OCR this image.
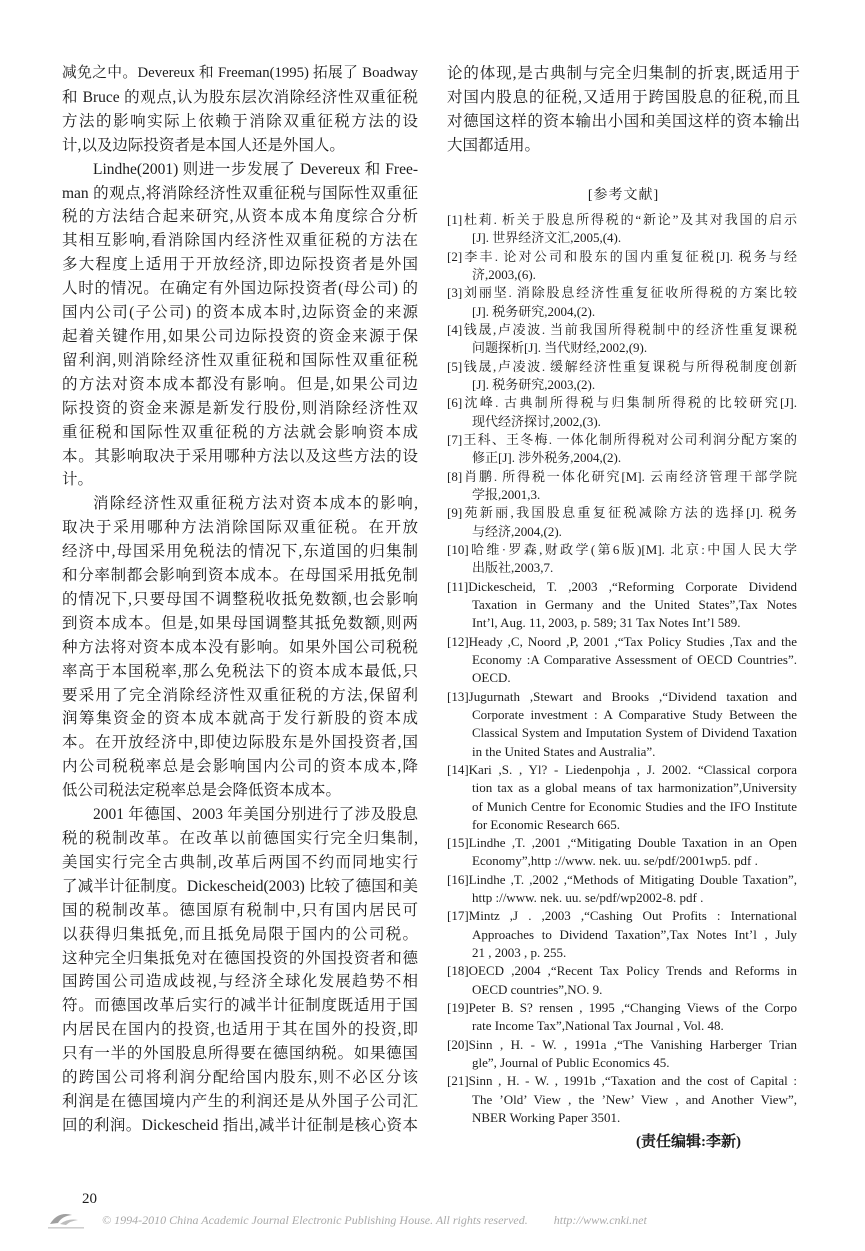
减免之中。Devereux 和 Freeman(1995) 拓展了 Boadway
和 Bruce 的观点,认为股东层次消除经济性双重征税
方法的影响实际上依赖于消除双重征税方法的设
计,以及边际投资者是本国人还是外国人。
Lindhe(2001) 则进一步发展了 Devereux 和 Free-
man 的观点,将消除经济性双重征税与国际性双重征
税的方法结合起来研究,从资本成本角度综合分析
其相互影响,看消除国内经济性双重征税的方法在
多大程度上适用于开放经济,即边际投资者是外国
人时的情况。在确定有外国边际投资者(母公司) 的
国内公司(子公司) 的资本成本时,边际资金的来源
起着关键作用,如果公司边际投资的资金来源于保
留利润,则消除经济性双重征税和国际性双重征税
的方法对资本成本都没有影响。但是,如果公司边
际投资的资金来源是新发行股份,则消除经济性双
重征税和国际性双重征税的方法就会影响资本成
本。其影响取决于采用哪种方法以及这些方法的设
计。
消除经济性双重征税方法对资本成本的影响,
取决于采用哪种方法消除国际双重征税。在开放
经济中,母国采用免税法的情况下,东道国的归集制
和分率制都会影响到资本成本。在母国采用抵免制
的情况下,只要母国不调整税收抵免数额,也会影响
到资本成本。但是,如果母国调整其抵免数额,则两
种方法将对资本成本没有影响。如果外国公司税税
率高于本国税率,那么免税法下的资本成本最低,只
要采用了完全消除经济性双重征税的方法,保留利
润筹集资金的资本成本就高于发行新股的资本成
本。在开放经济中,即使边际股东是外国投资者,国
内公司税税率总是会影响国内公司的资本成本,降
低公司税法定税率总是会降低资本成本。
2001 年德国、2003 年美国分别进行了涉及股息
税的税制改革。在改革以前德国实行完全归集制,
美国实行完全古典制,改革后两国不约而同地实行
了减半计征制度。Dickescheid(2003) 比较了德国和美
国的税制改革。德国原有税制中,只有国内居民可
以获得归集抵免,而且抵免局限于国内的公司税。
这种完全归集抵免对在德国投资的外国投资者和德
国跨国公司造成歧视,与经济全球化发展趋势不相
符。而德国改革后实行的减半计征制度既适用于国
内居民在国内的投资,也适用于其在国外的投资,即
只有一半的外国股息所得要在德国纳税。如果德国
的跨国公司将利润分配给国内股东,则不必区分该
利润是在德国境内产生的利润还是从外国子公司汇
回的利润。Dickescheid 指出,减半计征制是核心资本
论的体现,是古典制与完全归集制的折衷,既适用于
对国内股息的征税,又适用于跨国股息的征税,而且
对德国这样的资本输出小国和美国这样的资本输出
大国都适用。
[参考文献]
[1]杜莉. 析关于股息所得税的“新论”及其对我国的启示
[J]. 世界经济文汇,2005,(4).
[2]李丰. 论对公司和股东的国内重复征税[J]. 税务与经
济,2003,(6).
[3]刘丽坚. 消除股息经济性重复征收所得税的方案比较
[J]. 税务研究,2004,(2).
[4]钱晟,卢凌波. 当前我国所得税制中的经济性重复课税
问题探析[J]. 当代财经,2002,(9).
[5]钱晟,卢凌波. 缓解经济性重复课税与所得税制度创新
[J]. 税务研究,2003,(2).
[6]沈峰. 古典制所得税与归集制所得税的比较研究[J].
现代经济探讨,2002,(3).
[7]王科、王冬梅. 一体化制所得税对公司利润分配方案的
修正[J]. 涉外税务,2004,(2).
[8]肖鹏. 所得税一体化研究[M]. 云南经济管理干部学院
学报,2001,3.
[9]苑新丽,我国股息重复征税减除方法的选择[J]. 税务
与经济,2004,(2).
[10]哈维·罗森,财政学(第6版)[M]. 北京:中国人民大学
出版社,2003,7.
[11]Dickescheid, T. ,2003 ,“Reforming Corporate Dividend
Taxation in Germany and the United States”,Tax Notes
Int’l, Aug. 11, 2003, p. 589; 31 Tax Notes Int’l 589.
[12]Heady ,C, Noord ,P, 2001 ,“Tax Policy Studies ,Tax and the
Economy :A Comparative Assessment of OECD Countries”.
OECD.
[13]Jugurnath ,Stewart and Brooks ,“Dividend taxation and
Corporate investment : A Comparative Study Between the
Classical System and Imputation System of Dividend Taxation
in the United States and Australia”.
[14]Kari ,S. , Yl? - Liedenpohja , J. 2002. “Classical corpora
tion tax as a global means of tax harmonization”,University
of Munich Centre for Economic Studies and the IFO Institute
for Economic Research 665.
[15]Lindhe ,T. ,2001 ,“Mitigating Double Taxation in an Open
Economy”,http ://www. nek. uu. se/pdf/2001wp5. pdf .
[16]Lindhe ,T. ,2002 ,“Methods of Mitigating Double Taxation”,
http ://www. nek. uu. se/pdf/wp2002-8. pdf .
[17]Mintz ,J . ,2003 ,“Cashing Out Profits : International
Approaches to Dividend Taxation”,Tax Notes Int’l , July
21 , 2003 , p. 255.
[18]OECD ,2004 ,“Recent Tax Policy Trends and Reforms in
OECD countries”,NO. 9.
[19]Peter B. S? rensen , 1995 ,“Changing Views of the Corpo
rate Income Tax”,National Tax Journal , Vol. 48.
[20]Sinn , H. - W. , 1991a ,“The Vanishing Harberger Trian
gle”, Journal of Public Economics 45.
[21]Sinn , H. - W. , 1991b ,“Taxation and the cost of Capital :
The ’Old’ View , the ’New’ View , and Another View”,
NBER Working Paper 3501.
(责任编辑:李新)
20
© 1994-2010 China Academic Journal Electronic Publishing House. All rights reserved. http://www.cnki.net
